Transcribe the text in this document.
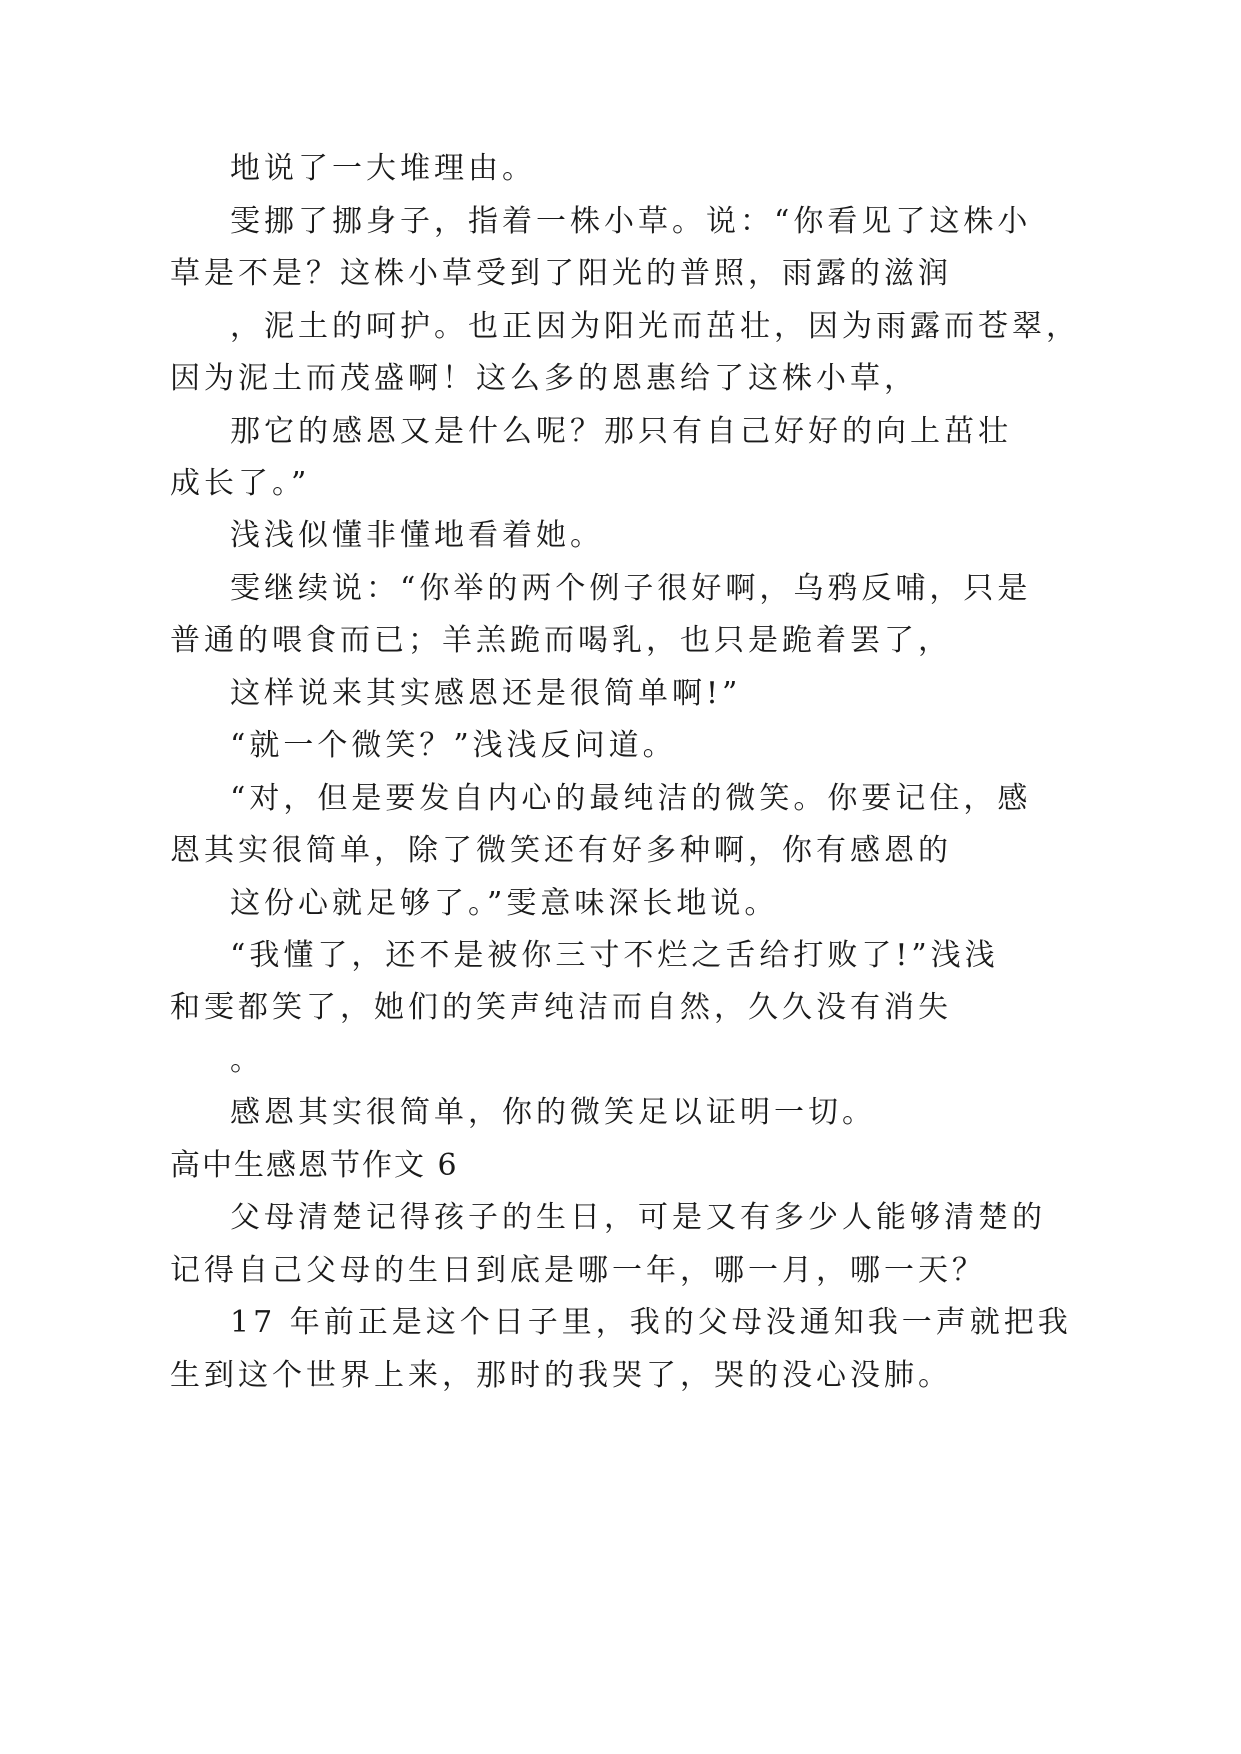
地说了一大堆理由。

雯挪了挪身子，指着一株小草。说：“你看见了这株小

草是不是？这株小草受到了阳光的普照，雨露的滋润

，泥土的呵护。也正因为阳光而茁壮，因为雨露而苍翠，

因为泥土而茂盛啊！这么多的恩惠给了这株小草，

那它的感恩又是什么呢？那只有自己好好的向上茁壮

成长了。”

浅浅似懂非懂地看着她。

雯继续说：“你举的两个例子很好啊，乌鸦反哺，只是

普通的喂食而已；羊羔跪而喝乳，也只是跪着罢了，

这样说来其实感恩还是很简单啊!”

“就一个微笑？”浅浅反问道。

“对，但是要发自内心的最纯洁的微笑。你要记住，感

恩其实很简单，除了微笑还有好多种啊，你有感恩的

这份心就足够了。”雯意味深长地说。

“我懂了，还不是被你三寸不烂之舌给打败了!”浅浅

和雯都笑了，她们的笑声纯洁而自然，久久没有消失

。

感恩其实很简单，你的微笑足以证明一切。

高中生感恩节作文 6

父母清楚记得孩子的生日，可是又有多少人能够清楚的

记得自己父母的生日到底是哪一年，哪一月，哪一天？

17 年前正是这个日子里，我的父母没通知我一声就把我

生到这个世界上来，那时的我哭了，哭的没心没肺。
